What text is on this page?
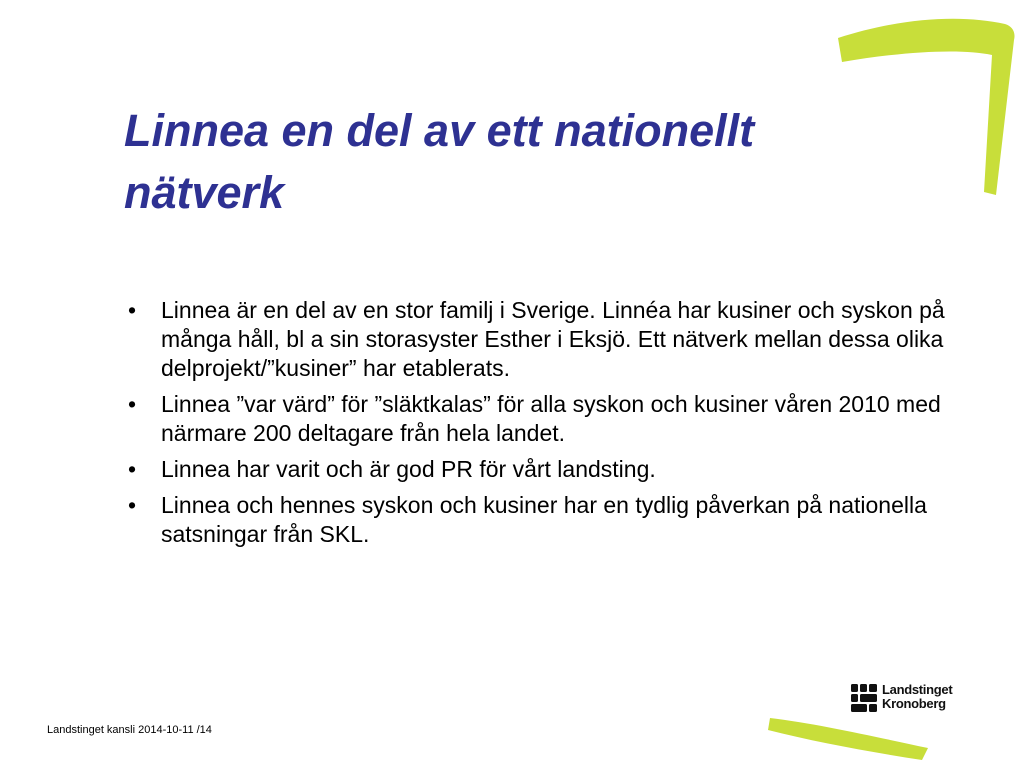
Linnea en del av ett nationellt nätverk
• Linnea är en del av en stor familj i Sverige. Linnéa har kusiner och syskon på många håll, bl a sin storasyster Esther i Eksjö. Ett nätverk mellan dessa olika delprojekt/”kusiner” har etablerats.
• Linnea ”var värd” för ”släktkalas” för alla syskon och kusiner våren 2010 med närmare 200 deltagare från hela landet.
• Linnea har varit och är god PR för vårt landsting.
• Linnea och hennes syskon och kusiner har en tydlig påverkan på nationella satsningar från SKL.
Landstinget kansli 2014-10-11 /14
Landstinget
Kronoberg
